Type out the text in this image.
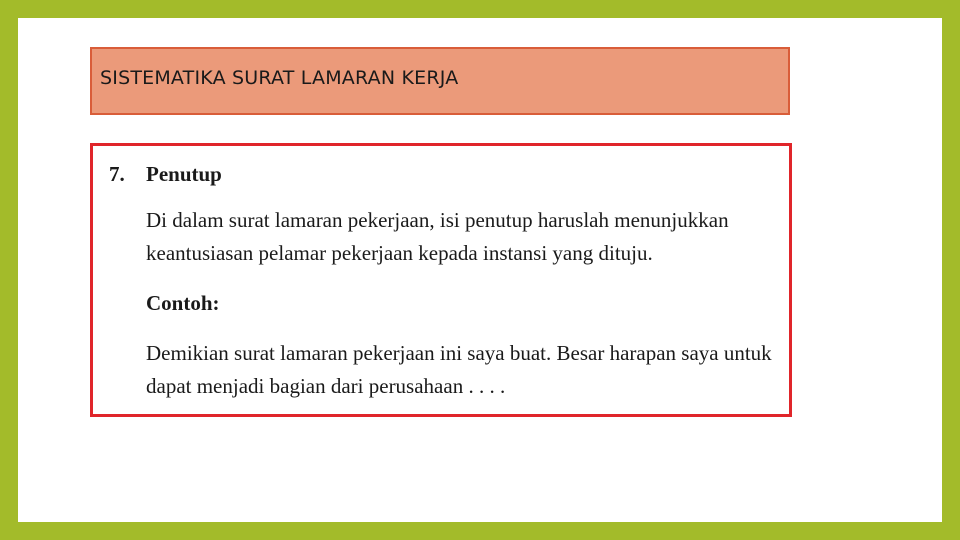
SISTEMATIKA SURAT LAMARAN KERJA
7. Penutup
Di dalam surat lamaran pekerjaan, isi penutup haruslah menunjukkan
keantusiasan pelamar pekerjaan kepada instansi yang dituju.
Contoh:
Demikian surat lamaran pekerjaan ini saya buat. Besar harapan saya untuk
dapat menjadi bagian dari perusahaan . . . .
